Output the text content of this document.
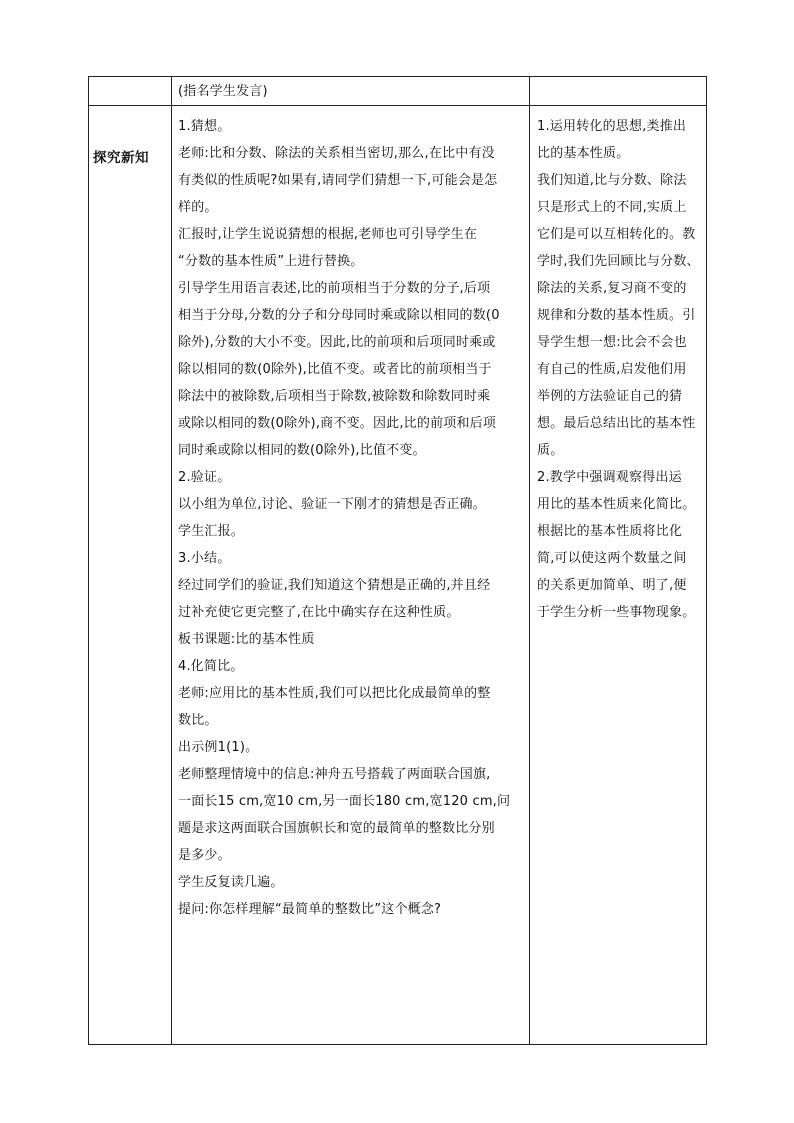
(指名学生发言)

探究新知

1.猜想。

老师:比和分数、除法的关系相当密切,那么,在比中有没

有类似的性质呢?如果有,请同学们猜想一下,可能会是怎

样的。

汇报时,让学生说说猜想的根据,老师也可引导学生在

“分数的基本性质”上进行替换。

引导学生用语言表述,比的前项相当于分数的分子,后项

相当于分母,分数的分子和分母同时乘或除以相同的数(0

除外),分数的大小不变。因此,比的前项和后项同时乘或

除以相同的数(0除外),比值不变。或者比的前项相当于

除法中的被除数,后项相当于除数,被除数和除数同时乘

或除以相同的数(0除外),商不变。因此,比的前项和后项

同时乘或除以相同的数(0除外),比值不变。

2.验证。

以小组为单位,讨论、验证一下刚才的猜想是否正确。

学生汇报。

3.小结。

经过同学们的验证,我们知道这个猜想是正确的,并且经

过补充使它更完整了,在比中确实存在这种性质。

板书课题:比的基本性质

4.化简比。

老师:应用比的基本性质,我们可以把比化成最简单的整

数比。

出示例1(1)。

老师整理情境中的信息:神舟五号搭载了两面联合国旗,

一面长15 cm,宽10 cm,另一面长180 cm,宽120 cm,问

题是求这两面联合国旗帜长和宽的最简单的整数比分别

是多少。

学生反复读几遍。

提问:你怎样理解“最简单的整数比”这个概念?

1.运用转化的思想,类推出

比的基本性质。

我们知道,比与分数、除法

只是形式上的不同,实质上

它们是可以互相转化的。教

学时,我们先回顾比与分数、

除法的关系,复习商不变的

规律和分数的基本性质。引

导学生想一想:比会不会也

有自己的性质,启发他们用

举例的方法验证自己的猜

想。最后总结出比的基本性

质。

2.教学中强调观察得出运

用比的基本性质来化简比。

根据比的基本性质将比化

简,可以使这两个数量之间

的关系更加简单、明了,便

于学生分析一些事物现象。
